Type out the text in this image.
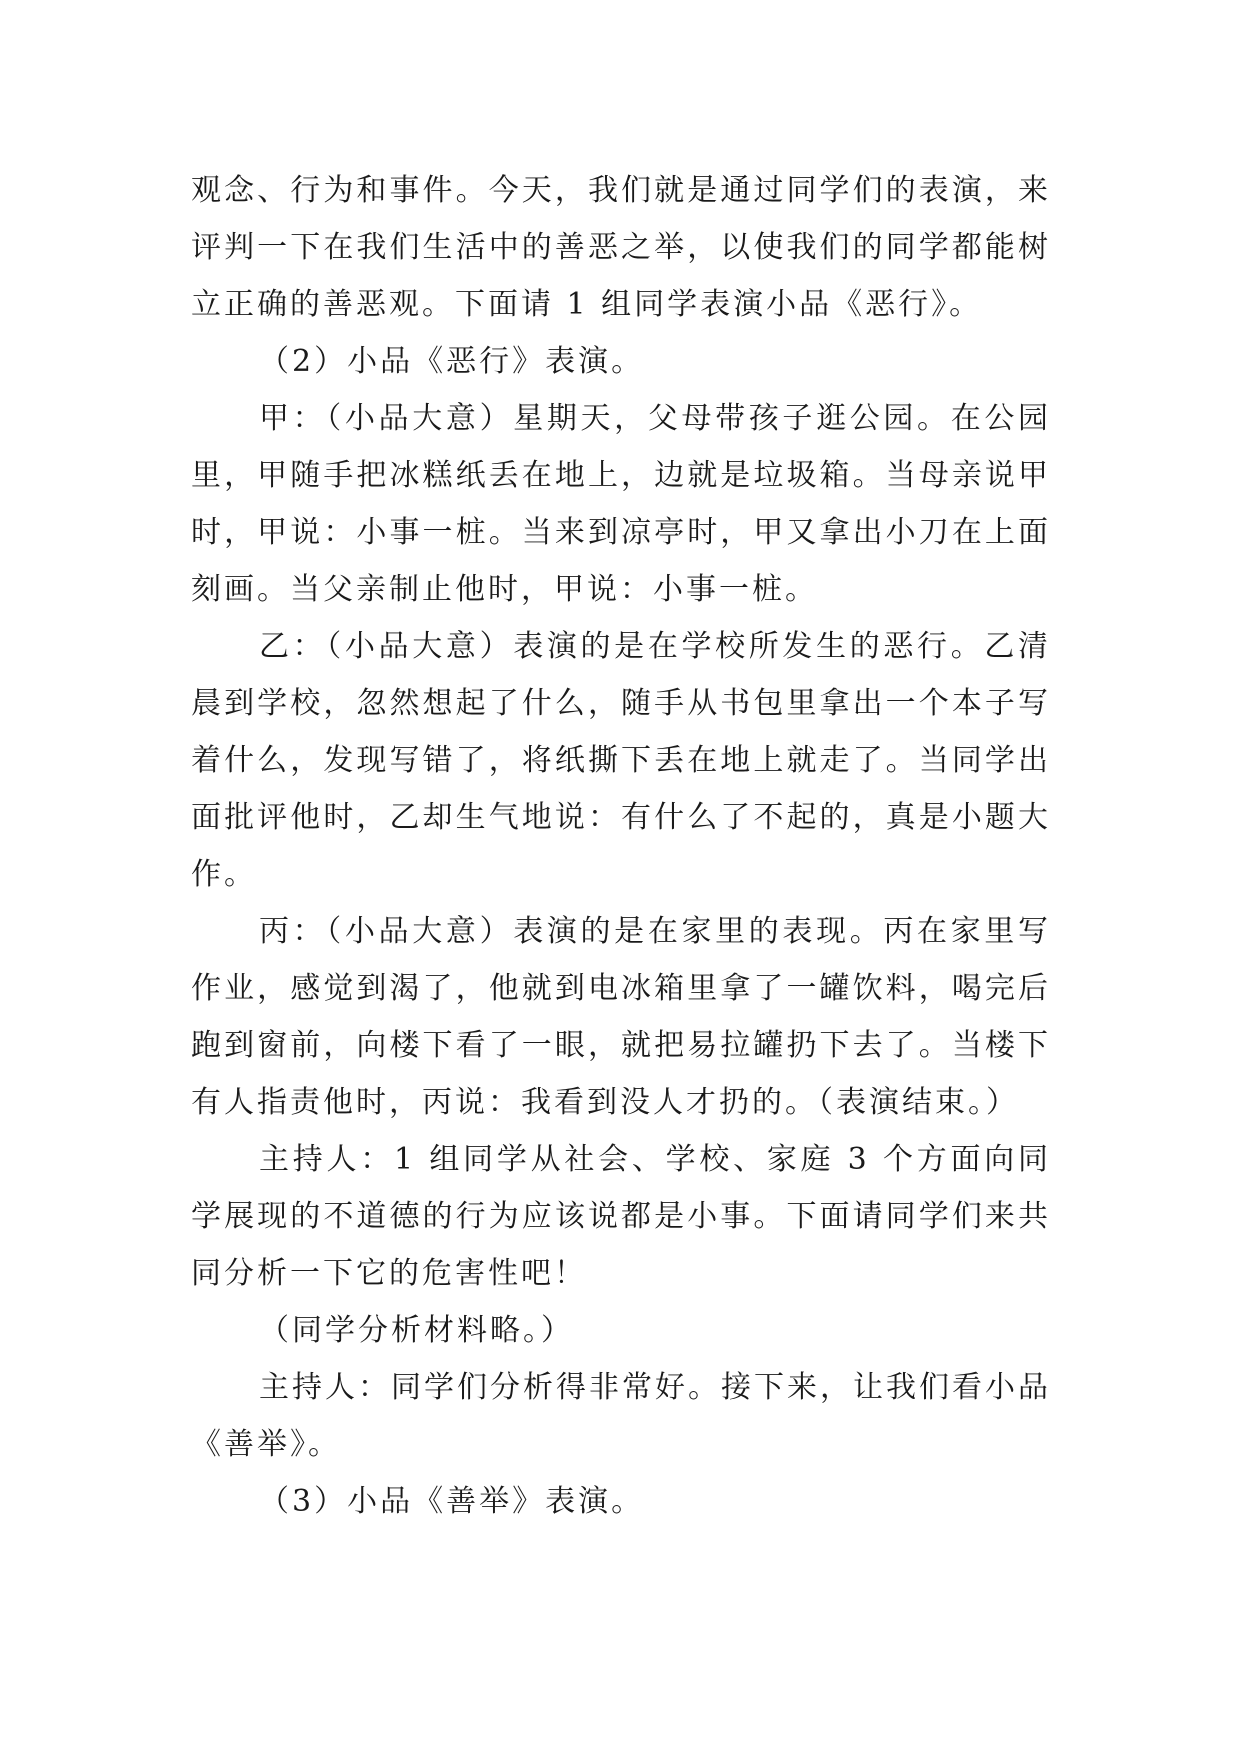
观念、行为和事件。今天，我们就是通过同学们的表演，来评判一下在我们生活中的善恶之举，以使我们的同学都能树立正确的善恶观。下面请 1 组同学表演小品《恶行》。

（2）小品《恶行》表演。

甲：（小品大意）星期天，父母带孩子逛公园。在公园里，甲随手把冰糕纸丢在地上，边就是垃圾箱。当母亲说甲时，甲说：小事一桩。当来到凉亭时，甲又拿出小刀在上面刻画。当父亲制止他时，甲说：小事一桩。

乙：（小品大意）表演的是在学校所发生的恶行。乙清晨到学校，忽然想起了什么，随手从书包里拿出一个本子写着什么，发现写错了，将纸撕下丢在地上就走了。当同学出面批评他时，乙却生气地说：有什么了不起的，真是小题大作。

丙：（小品大意）表演的是在家里的表现。丙在家里写作业，感觉到渴了，他就到电冰箱里拿了一罐饮料，喝完后跑到窗前，向楼下看了一眼，就把易拉罐扔下去了。当楼下有人指责他时，丙说：我看到没人才扔的。（表演结束。）

主持人：1 组同学从社会、学校、家庭 3 个方面向同学展现的不道德的行为应该说都是小事。下面请同学们来共同分析一下它的危害性吧！

（同学分析材料略。）

主持人：同学们分析得非常好。接下来，让我们看小品《善举》。

（3）小品《善举》表演。
